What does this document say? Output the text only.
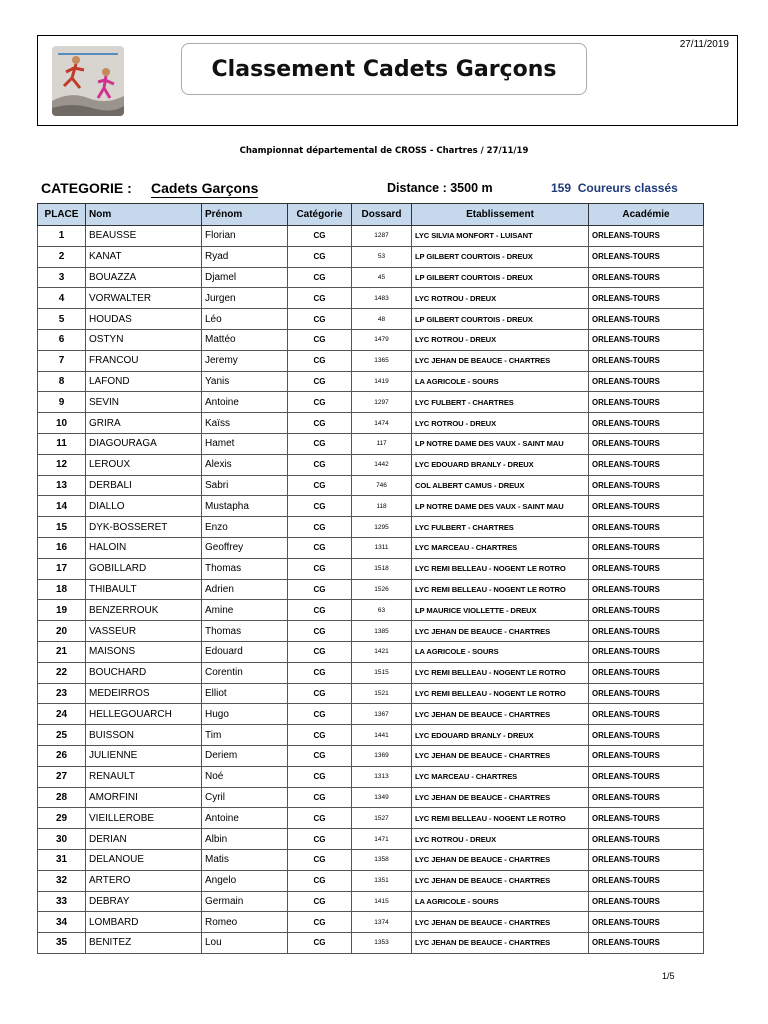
Classement Cadets Garçons
27/11/2019
Championnat départemental de CROSS - Chartres / 27/11/19
CATEGORIE : Cadets Garçons	Distance : 3500 m	159 Coureurs classés
PLACE	Nom	Prénom	Catégorie	Dossard	Etablissement	Académie
1	BEAUSSE	Florian	CG	1287	LYC SILVIA MONFORT - LUISANT	ORLEANS-TOURS
2	KANAT	Ryad	CG	53	LP GILBERT COURTOIS - DREUX	ORLEANS-TOURS
3	BOUAZZA	Djamel	CG	45	LP GILBERT COURTOIS - DREUX	ORLEANS-TOURS
4	VORWALTER	Jurgen	CG	1483	LYC ROTROU - DREUX	ORLEANS-TOURS
5	HOUDAS	Léo	CG	48	LP GILBERT COURTOIS - DREUX	ORLEANS-TOURS
6	OSTYN	Mattéo	CG	1479	LYC ROTROU - DREUX	ORLEANS-TOURS
7	FRANCOU	Jeremy	CG	1365	LYC JEHAN DE BEAUCE - CHARTRES	ORLEANS-TOURS
8	LAFOND	Yanis	CG	1419	LA AGRICOLE - SOURS	ORLEANS-TOURS
9	SEVIN	Antoine	CG	1297	LYC FULBERT - CHARTRES	ORLEANS-TOURS
10	GRIRA	Kaïss	CG	1474	LYC ROTROU - DREUX	ORLEANS-TOURS
11	DIAGOURAGA	Hamet	CG	117	LP NOTRE DAME DES VAUX - SAINT MAU	ORLEANS-TOURS
12	LEROUX	Alexis	CG	1442	LYC EDOUARD BRANLY - DREUX	ORLEANS-TOURS
13	DERBALI	Sabri	CG	746	COL ALBERT CAMUS - DREUX	ORLEANS-TOURS
14	DIALLO	Mustapha	CG	118	LP NOTRE DAME DES VAUX - SAINT MAU	ORLEANS-TOURS
15	DYK-BOSSERET	Enzo	CG	1295	LYC FULBERT - CHARTRES	ORLEANS-TOURS
16	HALOIN	Geoffrey	CG	1311	LYC MARCEAU - CHARTRES	ORLEANS-TOURS
17	GOBILLARD	Thomas	CG	1518	LYC REMI BELLEAU - NOGENT LE ROTRO	ORLEANS-TOURS
18	THIBAULT	Adrien	CG	1526	LYC REMI BELLEAU - NOGENT LE ROTRO	ORLEANS-TOURS
19	BENZERROUK	Amine	CG	63	LP MAURICE VIOLLETTE - DREUX	ORLEANS-TOURS
20	VASSEUR	Thomas	CG	1385	LYC JEHAN DE BEAUCE - CHARTRES	ORLEANS-TOURS
21	MAISONS	Edouard	CG	1421	LA AGRICOLE - SOURS	ORLEANS-TOURS
22	BOUCHARD	Corentin	CG	1515	LYC REMI BELLEAU - NOGENT LE ROTRO	ORLEANS-TOURS
23	MEDEIRROS	Elliot	CG	1521	LYC REMI BELLEAU - NOGENT LE ROTRO	ORLEANS-TOURS
24	HELLEGOUARCH	Hugo	CG	1367	LYC JEHAN DE BEAUCE - CHARTRES	ORLEANS-TOURS
25	BUISSON	Tim	CG	1441	LYC EDOUARD BRANLY - DREUX	ORLEANS-TOURS
26	JULIENNE	Deriem	CG	1369	LYC JEHAN DE BEAUCE - CHARTRES	ORLEANS-TOURS
27	RENAULT	Noé	CG	1313	LYC MARCEAU - CHARTRES	ORLEANS-TOURS
28	AMORFINI	Cyril	CG	1349	LYC JEHAN DE BEAUCE - CHARTRES	ORLEANS-TOURS
29	VIEILLEROBE	Antoine	CG	1527	LYC REMI BELLEAU - NOGENT LE ROTRO	ORLEANS-TOURS
30	DERIAN	Albin	CG	1471	LYC ROTROU - DREUX	ORLEANS-TOURS
31	DELANOUE	Matis	CG	1358	LYC JEHAN DE BEAUCE - CHARTRES	ORLEANS-TOURS
32	ARTERO	Angelo	CG	1351	LYC JEHAN DE BEAUCE - CHARTRES	ORLEANS-TOURS
33	DEBRAY	Germain	CG	1415	LA AGRICOLE - SOURS	ORLEANS-TOURS
34	LOMBARD	Romeo	CG	1374	LYC JEHAN DE BEAUCE - CHARTRES	ORLEANS-TOURS
35	BENITEZ	Lou	CG	1353	LYC JEHAN DE BEAUCE - CHARTRES	ORLEANS-TOURS
1/5
